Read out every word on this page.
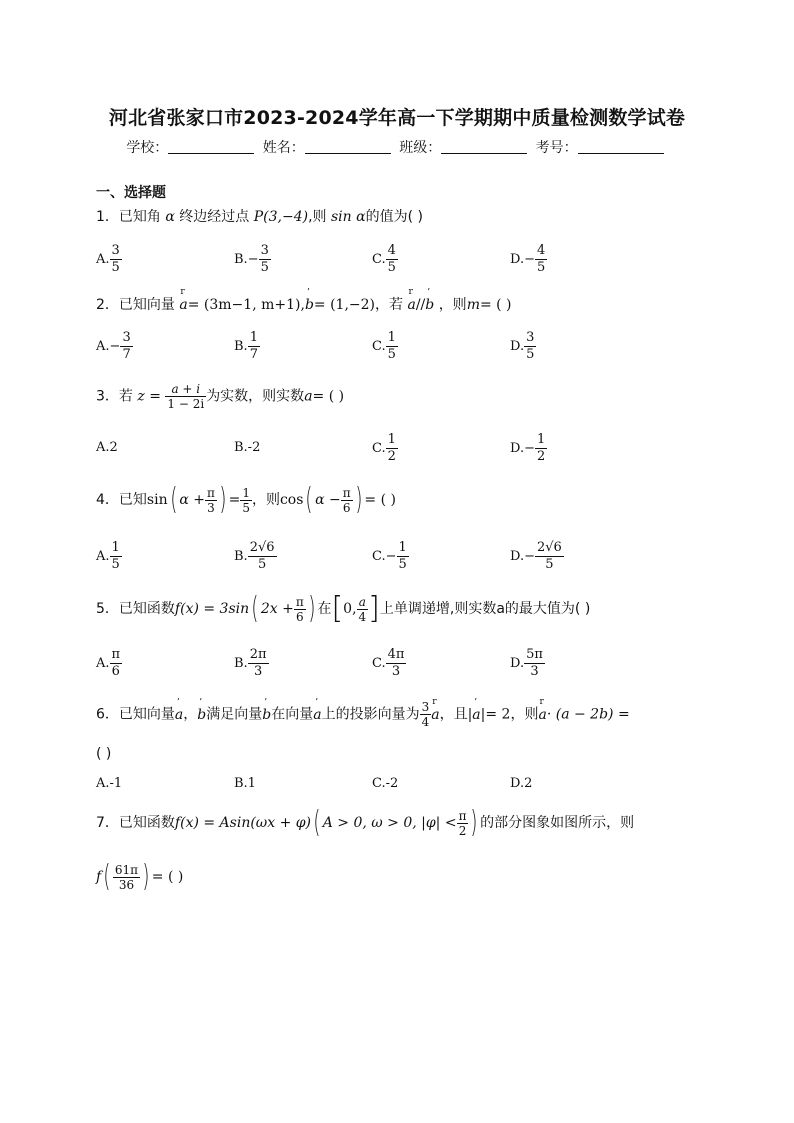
河北省张家口市2023-2024学年高一下学期期中质量检测数学试卷
学校：	姓名：	班级：	考号：
一、选择题
1．已知角 α 终边经过点 P(3,−4),则 sin α的值为( )
A. $\frac{3}{5}$	$B.- \frac{3}{5}$	C. $\frac{4}{5}$	$D.- \frac{4}{5}$
2．已知向量 r a= (3m−1, m+1),’ b= (1,−2)，若 r a//’ b ，则m= ( )
$A.- \frac{3}{7}$	B. $\frac{1}{7}$	C. $\frac{1}{5}$	D. $\frac{3}{5}$
3．若 $z = \frac{a + i}{1 - 2i}$ 为实数，则实数a= ( )
A.2	B.-2	C. $\frac{1}{2}$	$D.- \frac{1}{2}$
4．已知sin( $\alpha + \frac{\pi}{3}$ ) = $\frac{1}{5}$ ，则cos( $\alpha - \frac{\pi}{6}$ ) = ( )
A. $\frac{1}{5}$	B. $\frac{2√6}{5}$	$C.- \frac{1}{5}$	$D.- \frac{2√6}{5}$
5．已知函数f(x) = 3sin( $2x + \frac{\pi}{6}$ ) 在[0, $\frac{a}{4}$ ]上单调递增,则实数a的最大值为( )
A. $\frac{\pi}{6}$	B. $\frac{2\pi}{3}$	C. $\frac{4\pi}{3}$	D. $\frac{5\pi}{3}$
6．已知向量’ a，’ b满足向量’ b在向量’ a上的投影向量为 $\frac{3}{4}$ r a，且|’ a|= 2，则r a· (a − 2b) =
( )
A.-1	B.1	C.-2	D.2
7．已知函数f(x) = Asin(ωx + φ)( A > 0, ω > 0, $|\varphi| < \frac{\pi}{2}$ ) 的部分图象如图所示，则
$f( \frac{61\pi}{36}$ ) = ( )
